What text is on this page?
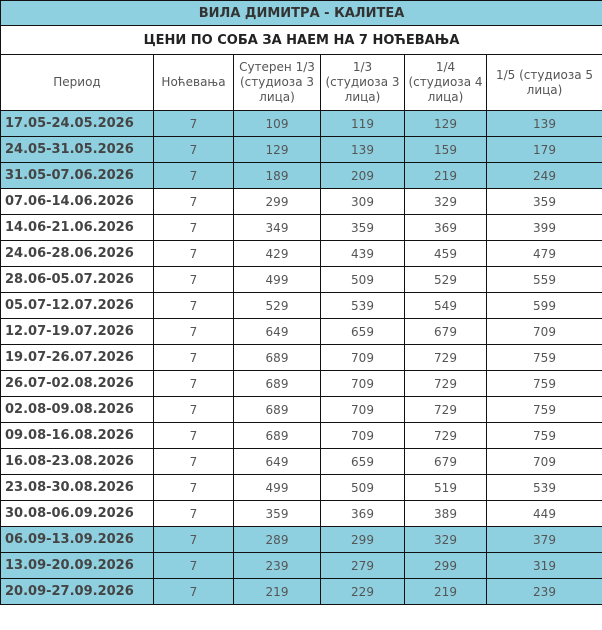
ВИЛА ДИМИТРА - КАЛИТЕА					
ЦЕНИ ПО СОБА ЗА НАЕМ НА 7 НОЋЕВАЊА					
Период	Ноћевања	Сутерен 1/3 (студиоза 3 лица)	1/3 (студиоза 3 лица)	1/4 (студиоза 4 лица)	1/5 (студиоза 5 лица)
17.05-24.05.2026	7	109	119	129	139
24.05-31.05.2026	7	129	139	159	179
31.05-07.06.2026	7	189	209	219	249
07.06-14.06.2026	7	299	309	329	359
14.06-21.06.2026	7	349	359	369	399
24.06-28.06.2026	7	429	439	459	479
28.06-05.07.2026	7	499	509	529	559
05.07-12.07.2026	7	529	539	549	599
12.07-19.07.2026	7	649	659	679	709
19.07-26.07.2026	7	689	709	729	759
26.07-02.08.2026	7	689	709	729	759
02.08-09.08.2026	7	689	709	729	759
09.08-16.08.2026	7	689	709	729	759
16.08-23.08.2026	7	649	659	679	709
23.08-30.08.2026	7	499	509	519	539
30.08-06.09.2026	7	359	369	389	449
06.09-13.09.2026	7	289	299	329	379
13.09-20.09.2026	7	239	279	299	319
20.09-27.09.2026	7	219	229	219	239
